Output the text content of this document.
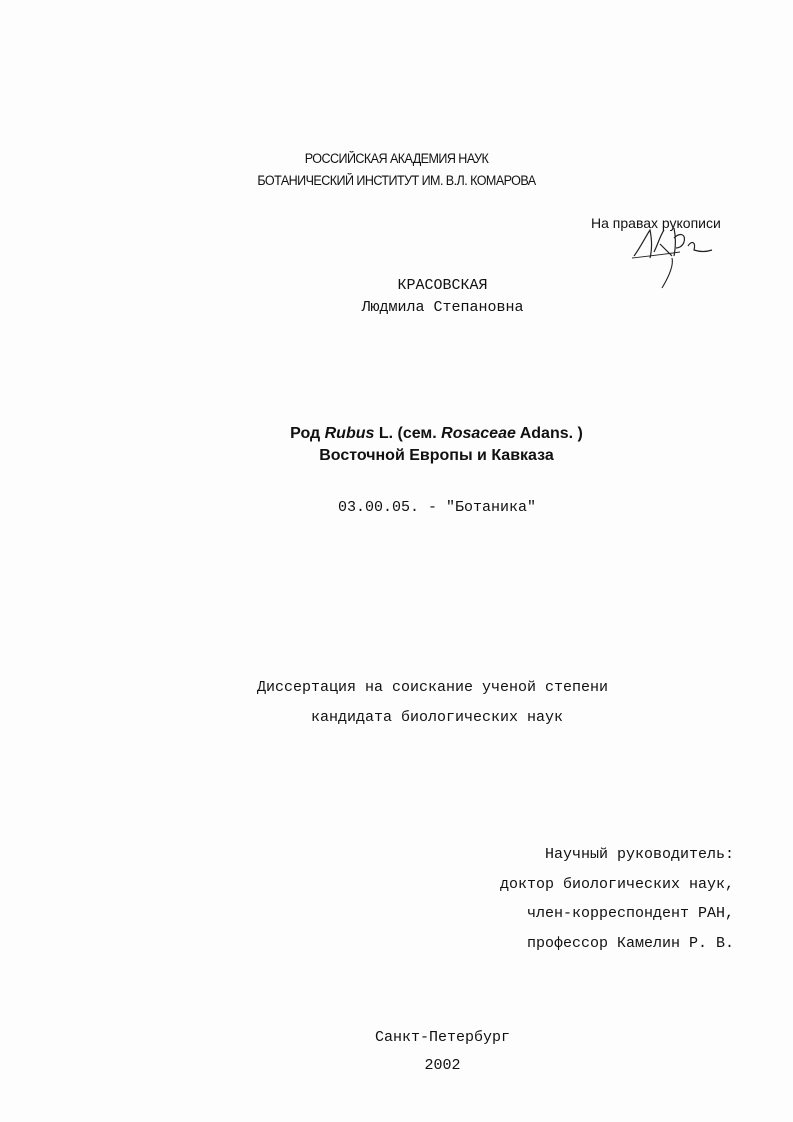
РОССИЙСКАЯ АКАДЕМИЯ НАУК
БОТАНИЧЕСКИЙ ИНСТИТУТ ИМ. В.Л. КОМАРОВА
На правах рукописи
КРАСОВСКАЯ
Людмила Степановна
Род Rubus L. (сем. Rosaceae Adans. )
Восточной Европы и Кавказа
03.00.05. - "Ботаника"
Диссертация на соискание ученой степени
кандидата биологических наук
Научный руководитель:
доктор биологических наук,
член-корреспондент РАН,
профессор Камелин Р. В.
Санкт-Петербург
2002
